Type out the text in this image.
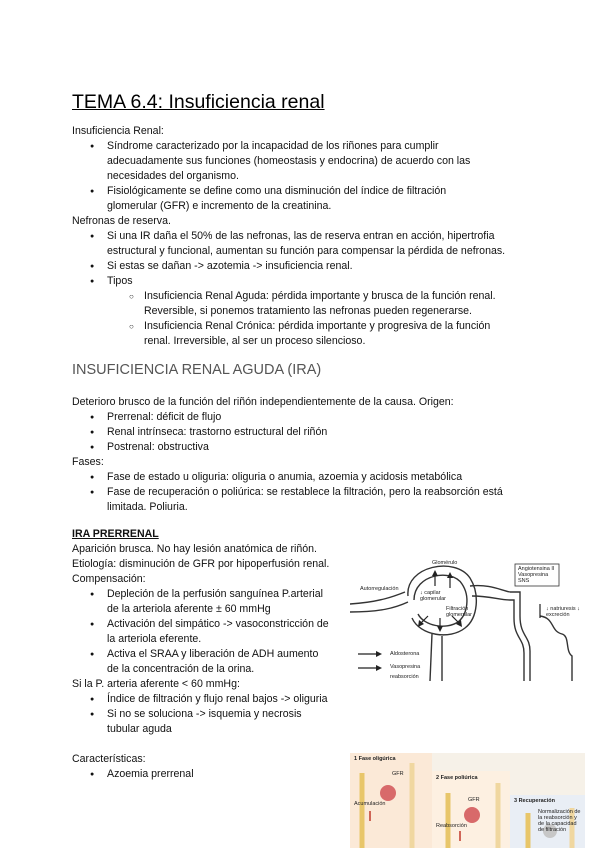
TEMA 6.4: Insuficiencia renal
Insuficiencia Renal:
● Síndrome caracterizado por la incapacidad de los riñones para cumplir
adecuadamente sus funciones (homeostasis y endocrina) de acuerdo con las
necesidades del organismo.
● Fisiológicamente se define como una disminución del índice de filtración
glomerular (GFR) e incremento de la creatinina.
Nefronas de reserva.
● Si una IR daña el 50% de las nefronas, las de reserva entran en acción, hipertrofia
estructural y funcional, aumentan su función para compensar la pérdida de nefronas.
● Si estas se dañan -> azotemia -> insuficiencia renal.
● Tipos
○ Insuficiencia Renal Aguda: pérdida importante y brusca de la función renal.
Reversible, si ponemos tratamiento las nefronas pueden regenerarse.
○ Insuficiencia Renal Crónica: pérdida importante y progresiva de la función
renal. Irreversible, al ser un proceso silencioso.
INSUFICIENCIA RENAL AGUDA (IRA)
Deterioro brusco de la función del riñón independientemente de la causa. Origen:
● Prerrenal: déficit de flujo
● Renal intrínseca: trastorno estructural del riñón
● Postrenal: obstructiva
Fases:
● Fase de estado u oliguria: oliguria o anumia, azoemia y acidosis metabólica
● Fase de recuperación o poliúrica: se restablece la filtración, pero la reabsorción está
limitada. Poliuria.
IRA PRERRENAL
Aparición brusca. No hay lesión anatómica de riñón.
Etiología: disminución de GFR por hipoperfusión renal.
Compensación:
● Depleción de la perfusión sanguínea P.arterial
de la arteriola aferente ± 60 mmHg
● Activación del simpático -> vasoconstricción de
la arteriola eferente.
● Activa el SRAA y liberación de ADH aumento
de la concentración de la orina.
Si la P. arteria aferente < 60 mmHg:
● Índice de filtración y flujo renal bajos -> oliguria
● Si no se soluciona -> isquemia y necrosis
tubular aguda
Características:
● Azoemia prerrenal
Glomérulo
Autorregulación
↓ capilar glomerular
Filtración glomerular
Angiotensina II Vasopresina SNS
↓ natriuresis ↓ excreción
Aldosterona
Vasopresina
reabsorción
1 Fase oligúrica
2 Fase poliúrica
3 Recuperación
GFR
GFR
Acumulación
Reabsorción
Normalización de la reabsorción y de la capacidad de filtración
